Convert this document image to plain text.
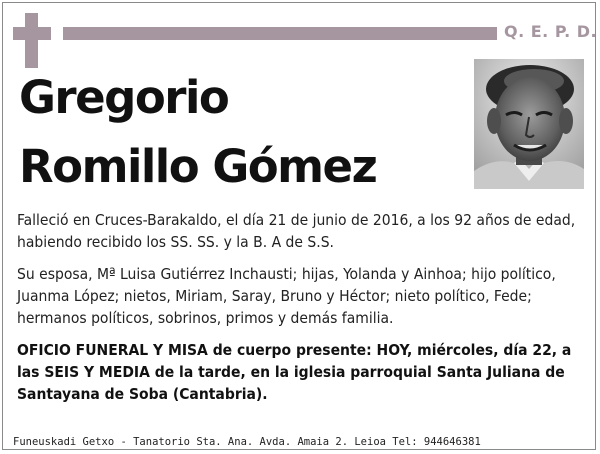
Q. E. P. D.
Gregorio
Romillo Gómez

Falleció en Cruces-Barakaldo, el día 21 de junio de 2016, a los 92 años de edad, habiendo recibido los SS. SS. y la B. A de S.S.

Su esposa, Mª Luisa Gutiérrez Inchausti; hijas, Yolanda y Ainhoa; hijo político, Juanma López; nietos, Miriam, Saray, Bruno y Héctor; nieto político, Fede; hermanos políticos, sobrinos, primos y demás familia.

OFICIO FUNERAL Y MISA de cuerpo presente: HOY, miércoles, día 22, a las SEIS Y MEDIA de la tarde, en la iglesia parroquial Santa Juliana de Santayana de Soba (Cantabria).

Funeuskadi Getxo - Tanatorio Sta. Ana. Avda. Amaia 2. Leioa Tel: 944646381
